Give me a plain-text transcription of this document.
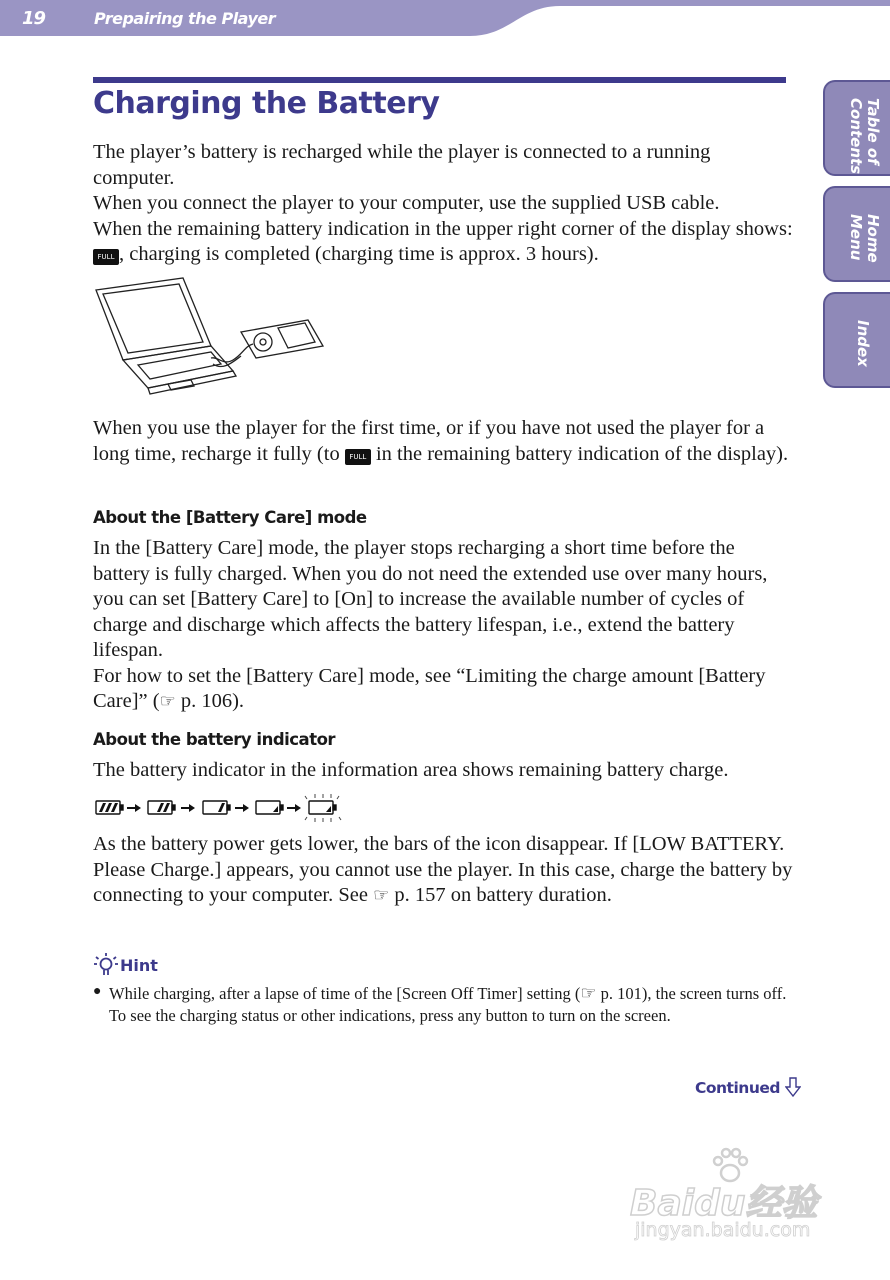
19	Prepairing the Player
Table of
Contents
Home
Menu
Index
Charging the Battery

The player’s battery is recharged while the player is connected to a running computer.
When you connect the player to your computer, use the supplied USB cable.
When the remaining battery indication in the upper right corner of the display shows: FULL , charging is completed (charging time is approx. 3 hours).

When you use the player for the first time, or if you have not used the player for a long time, recharge it fully (to FULL in the remaining battery indication of the display).

About the [Battery Care] mode

In the [Battery Care] mode, the player stops recharging a short time before the battery is fully charged. When you do not need the extended use over many hours, you can set [Battery Care] to [On] to increase the available number of cycles of charge and discharge which affects the battery lifespan, i.e., extend the battery lifespan.
For how to set the [Battery Care] mode, see “Limiting the charge amount [Battery Care]” (☞ p. 106).

About the battery indicator

The battery indicator in the information area shows remaining battery charge.

As the battery power gets lower, the bars of the icon disappear. If [LOW BATTERY. Please Charge.] appears, you cannot use the player. In this case, charge the battery by connecting to your computer. See ☞ p. 157 on battery duration.

Hint
● While charging, after a lapse of time of the [Screen Off Timer] setting (☞ p. 101), the screen turns off. To see the charging status or other indications, press any button to turn on the screen.

Continued
Baidu经验
jingyan.baidu.com
